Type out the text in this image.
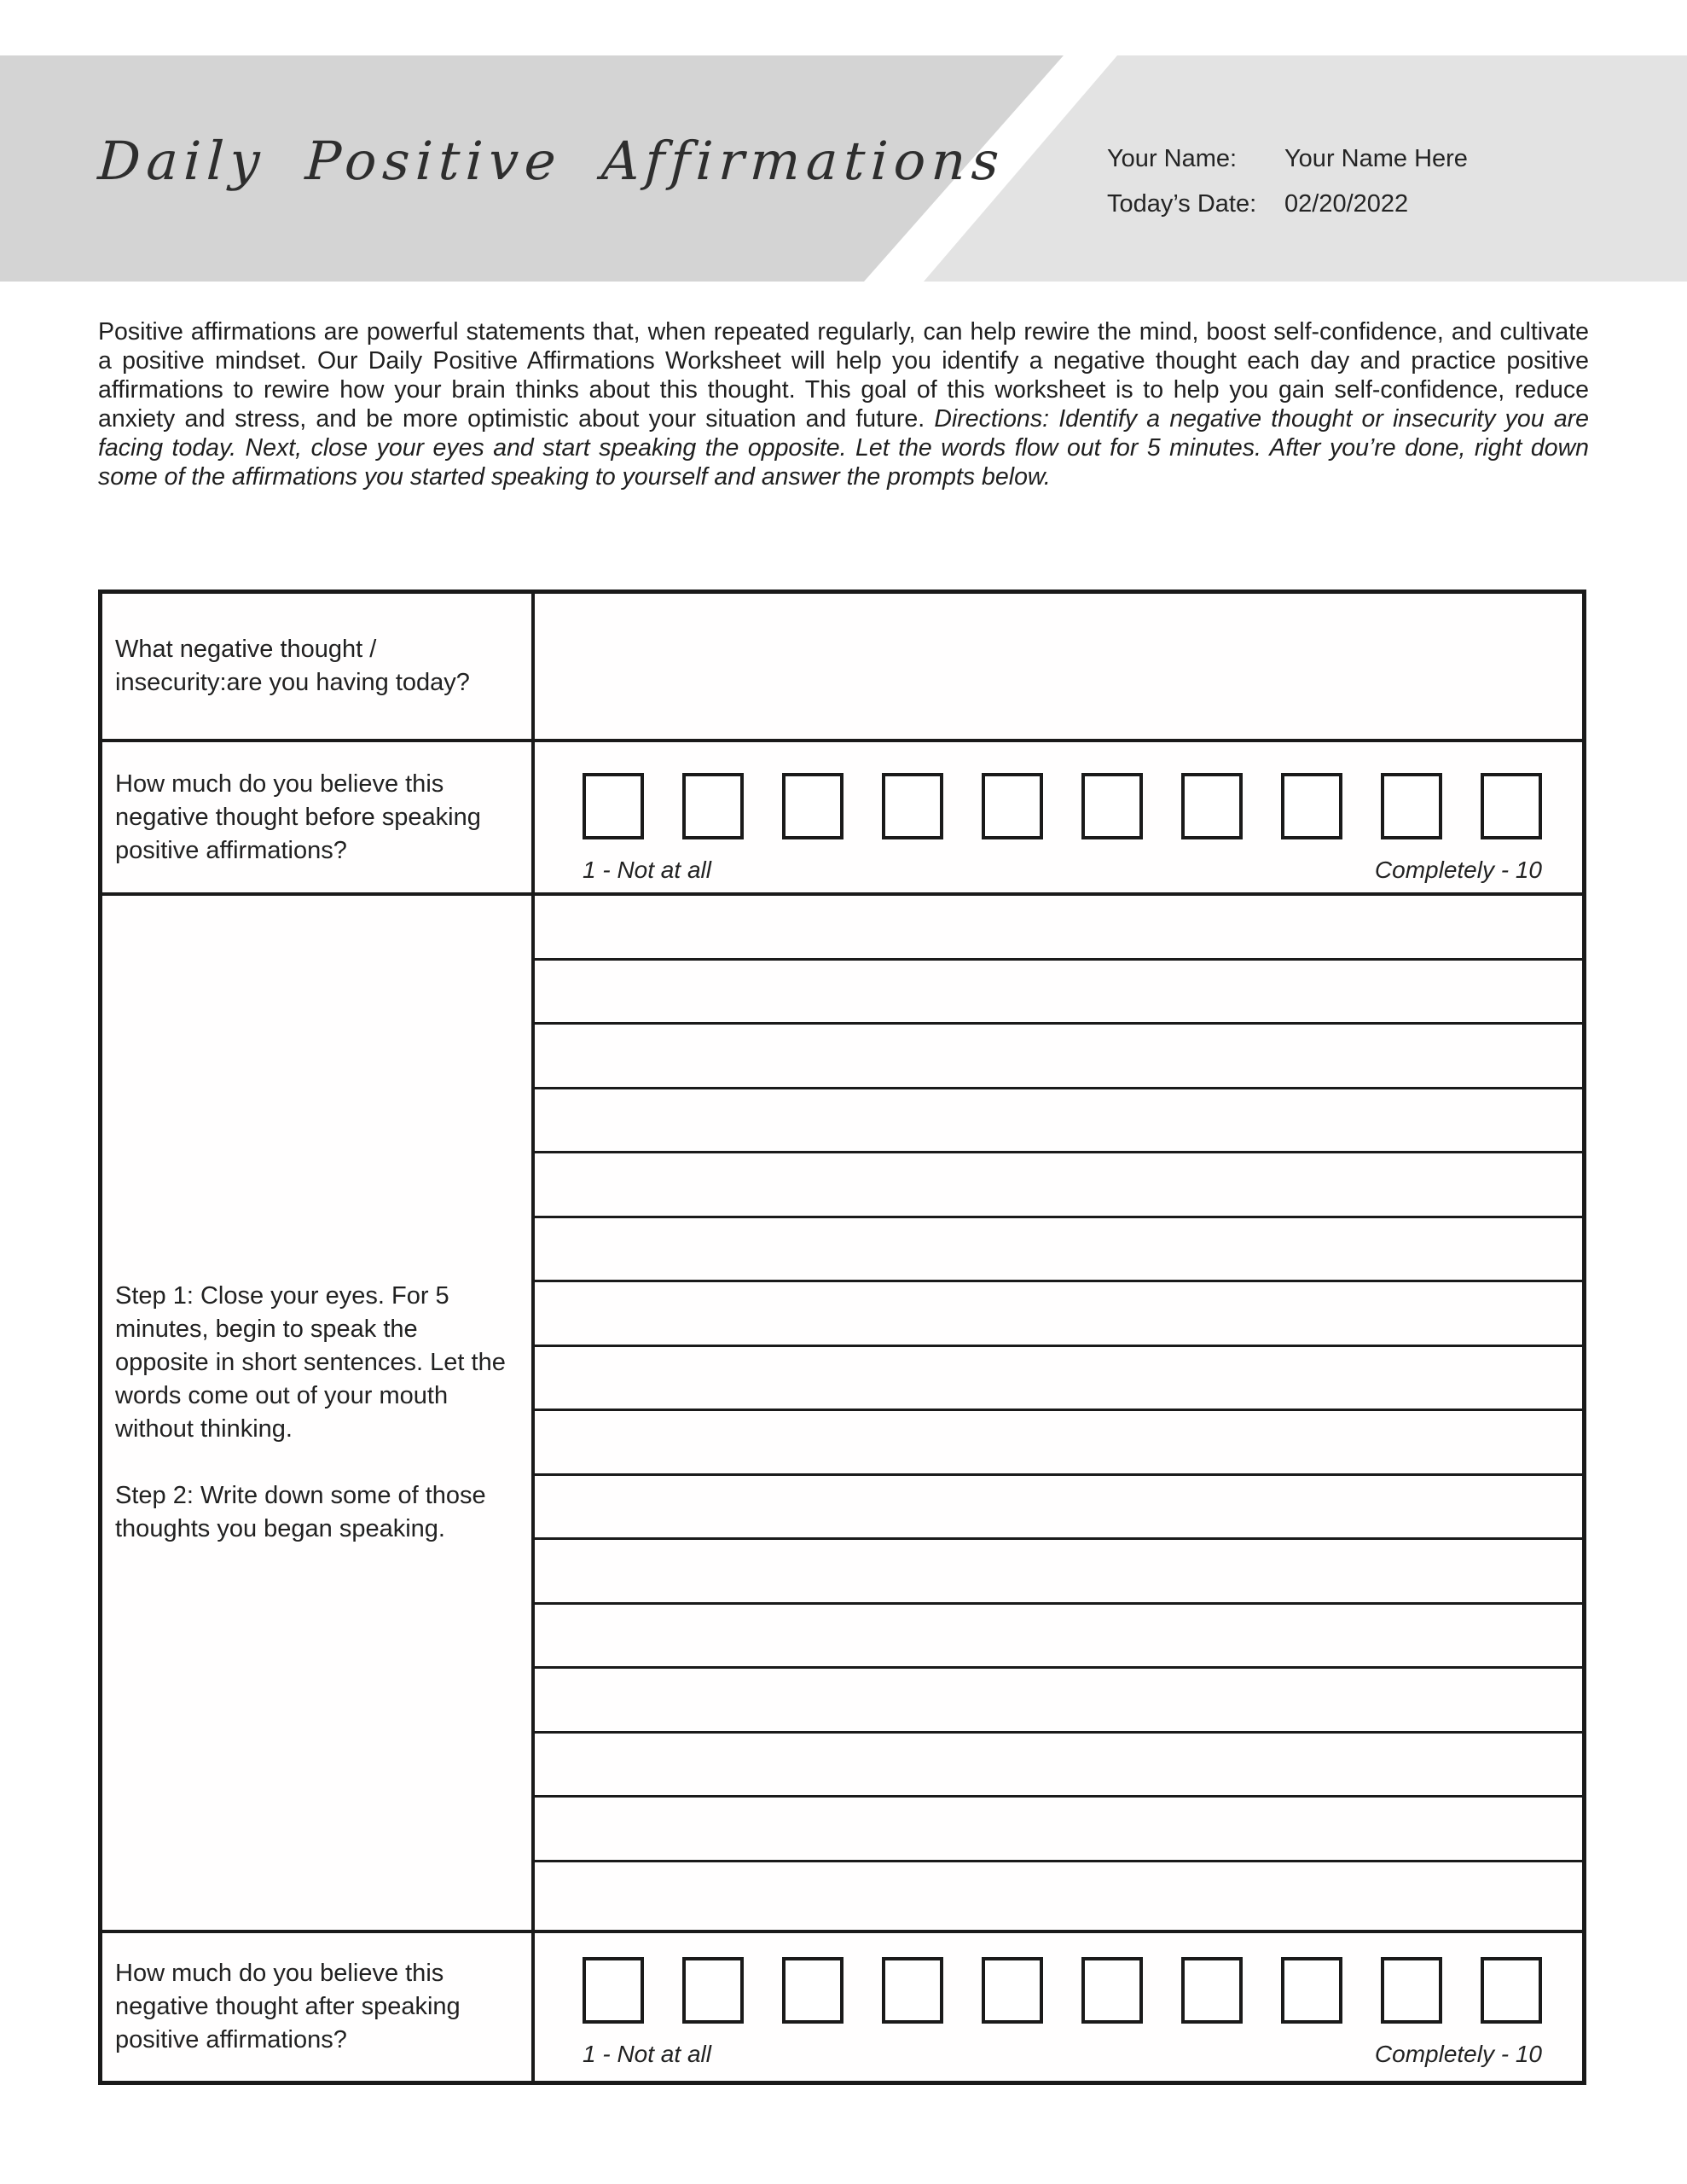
Daily Positive Affirmations	Your Name:	Your Name Here
Today’s Date:	02/20/2022

Positive affirmations are powerful statements that, when repeated regularly, can help rewire the mind, boost self-confidence, and cultivate a positive mindset. Our Daily Positive Affirmations Worksheet will help you identify a negative thought each day and practice positive affirmations to rewire how your brain thinks about this thought. This goal of this worksheet is to help you gain self-confidence, reduce anxiety and stress, and be more optimistic about your situation and future. Directions: Identify a negative thought or insecurity you are facing today. Next, close your eyes and start speaking the opposite. Let the words flow out for 5 minutes. After you’re done, right down some of the affirmations you started speaking to yourself and answer the prompts below.

What negative thought / insecurity:are you having today?
How much do you believe this negative thought before speaking positive affirmations?
1 - Not at all	Completely - 10
Step 1: Close your eyes. For 5 minutes, begin to speak the opposite in short sentences. Let the words come out of your mouth without thinking.
Step 2: Write down some of those thoughts you began speaking.
How much do you believe this negative thought after speaking positive affirmations?
1 - Not at all	Completely - 10
